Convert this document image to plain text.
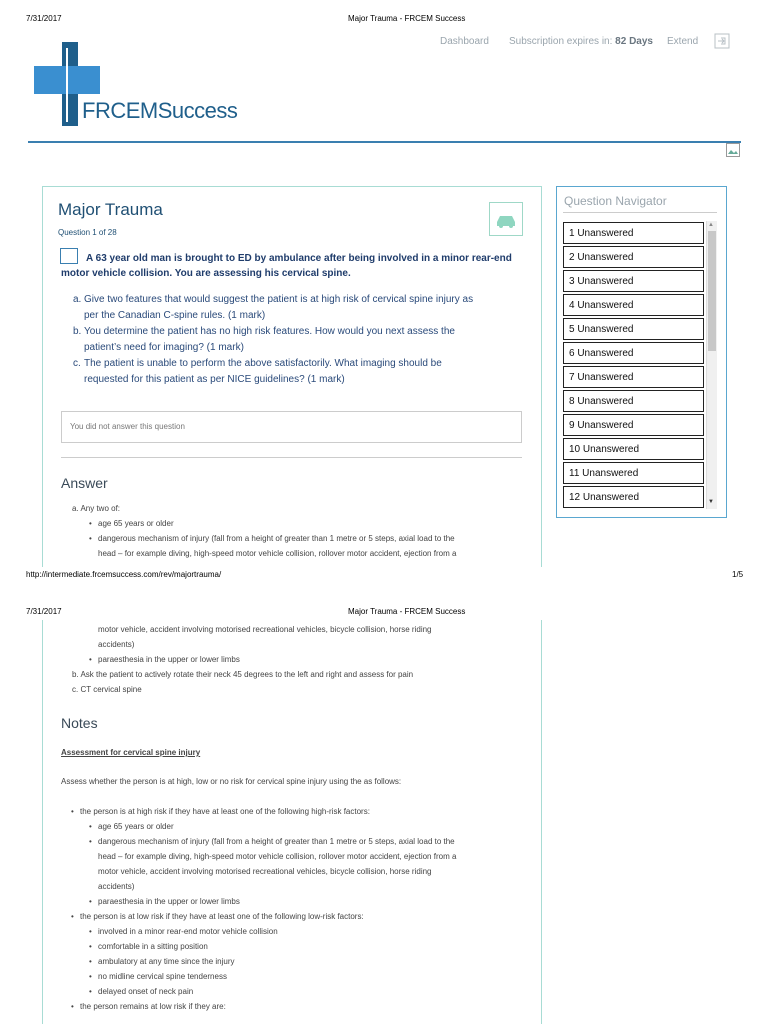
7/31/2017	Major Trauma - FRCEM Success
Dashboard Subscription expires in: 82 Days Extend
FRCEMSuccess
Major Trauma
Question 1 of 28
A 63 year old man is brought to ED by ambulance after being involved in a minor rear-end
motor vehicle collision. You are assessing his cervical spine.
a. Give two features that would suggest the patient is at high risk of cervical spine injury as
per the Canadian C-spine rules. (1 mark)
b. You determine the patient has no high risk features. How would you next assess the
patient’s need for imaging? (1 mark)
c. The patient is unable to perform the above satisfactorily. What imaging should be
requested for this patient as per NICE guidelines? (1 mark)
You did not answer this question
Answer
a. Any two of:
• age 65 years or older
• dangerous mechanism of injury (fall from a height of greater than 1 metre or 5 steps, axial load to the
head – for example diving, high-speed motor vehicle collision, rollover motor accident, ejection from a
http://intermediate.frcemsuccess.com/rev/majortrauma/	1/5
Question Navigator
▲
▼
1 Unanswered
2 Unanswered
3 Unanswered
4 Unanswered
5 Unanswered
6 Unanswered
7 Unanswered
8 Unanswered
9 Unanswered
10 Unanswered
11 Unanswered
12 Unanswered
7/31/2017	Major Trauma - FRCEM Success
motor vehicle, accident involving motorised recreational vehicles, bicycle collision, horse riding
accidents)
• paraesthesia in the upper or lower limbs
b. Ask the patient to actively rotate their neck 45 degrees to the left and right and assess for pain
c. CT cervical spine
Notes
Assessment for cervical spine injury
Assess whether the person is at high, low or no risk for cervical spine injury using the as follows:
• the person is at high risk if they have at least one of the following high-risk factors:
• age 65 years or older
• dangerous mechanism of injury (fall from a height of greater than 1 metre or 5 steps, axial load to the
head – for example diving, high-speed motor vehicle collision, rollover motor accident, ejection from a
motor vehicle, accident involving motorised recreational vehicles, bicycle collision, horse riding
accidents)
• paraesthesia in the upper or lower limbs
• the person is at low risk if they have at least one of the following low-risk factors:
• involved in a minor rear-end motor vehicle collision
• comfortable in a sitting position
• ambulatory at any time since the injury
• no midline cervical spine tenderness
• delayed onset of neck pain
• the person remains at low risk if they are:
